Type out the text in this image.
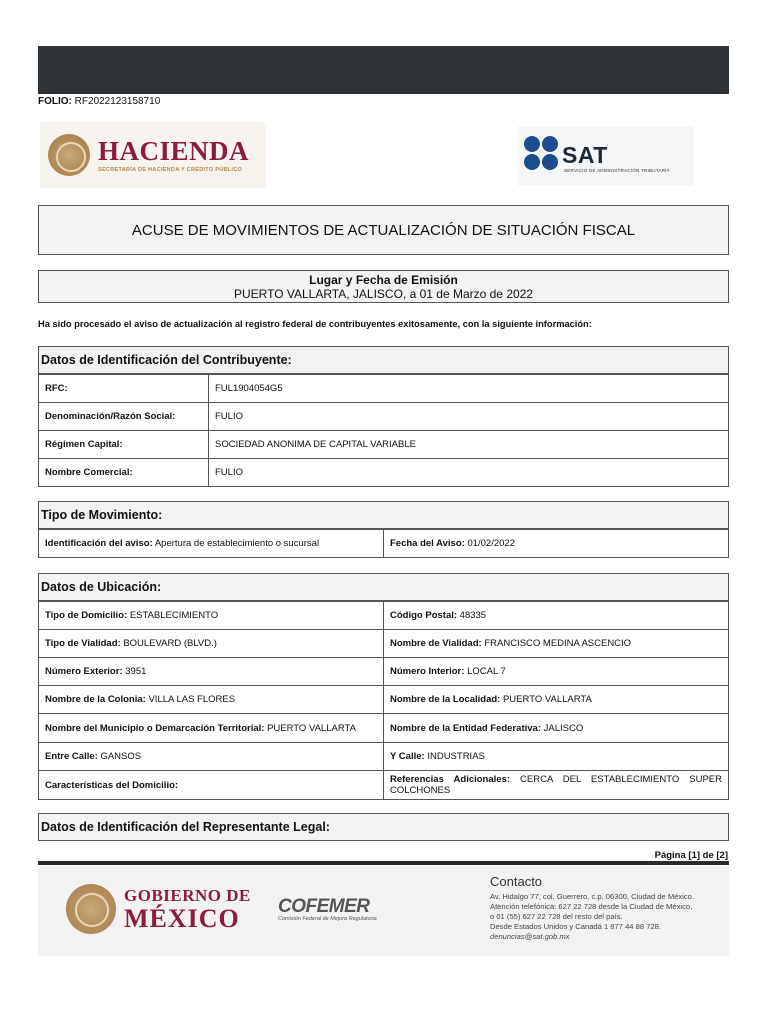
FOLIO: RF2022123158710
HACIENDA
SECRETARÍA DE HACIENDA Y CRÉDITO PÚBLICO
SAT
SERVICIO DE ADMINISTRACIÓN TRIBUTARIA
ACUSE DE MOVIMIENTOS DE ACTUALIZACIÓN DE SITUACIÓN FISCAL
Lugar y Fecha de Emisión
PUERTO VALLARTA, JALISCO, a 01 de Marzo de 2022
Ha sido procesado el aviso de actualización al registro federal de contribuyentes exitosamente, con la siguiente información:
Datos de Identificación del Contribuyente:
RFC:	FUL1904054G5
Denominación/Razón Social:	FULIO
Régimen Capital:	SOCIEDAD ANONIMA DE CAPITAL VARIABLE
Nombre Comercial:	FULIO
Tipo de Movimiento:
Identificación del aviso: Apertura de establecimiento o sucursal	Fecha del Aviso: 01/02/2022
Datos de Ubicación:
Tipo de Domicilio: ESTABLECIMIENTO	Código Postal: 48335
Tipo de Vialidad: BOULEVARD (BLVD.)	Nombre de Vialidad: FRANCISCO MEDINA ASCENCIO
Número Exterior: 3951	Número Interior: LOCAL 7
Nombre de la Colonia: VILLA LAS FLORES	Nombre de la Localidad: PUERTO VALLARTA
Nombre del Municipio o Demarcación Territorial: PUERTO VALLARTA	Nombre de la Entidad Federativa: JALISCO
Entre Calle: GANSOS	Y Calle: INDUSTRIAS
Características del Domicilio:	Referencias Adicionales: CERCA DEL ESTABLECIMIENTO SUPER COLCHONES
Datos de Identificación del Representante Legal:
Página [1] de [2]
GOBIERNO DE
MÉXICO COFEMER
Comisión Federal de Mejora Regulatoria
Contacto
Av. Hidalgo 77, col. Guerrero, c.p. 06300, Ciudad de México.
Atención telefónica: 627 22 728 desde la Ciudad de México,
o 01 (55) 627 22 728 del resto del país.
Desde Estados Unidos y Canadá 1 877 44 88 728.
denuncias@sat.gob.mx
